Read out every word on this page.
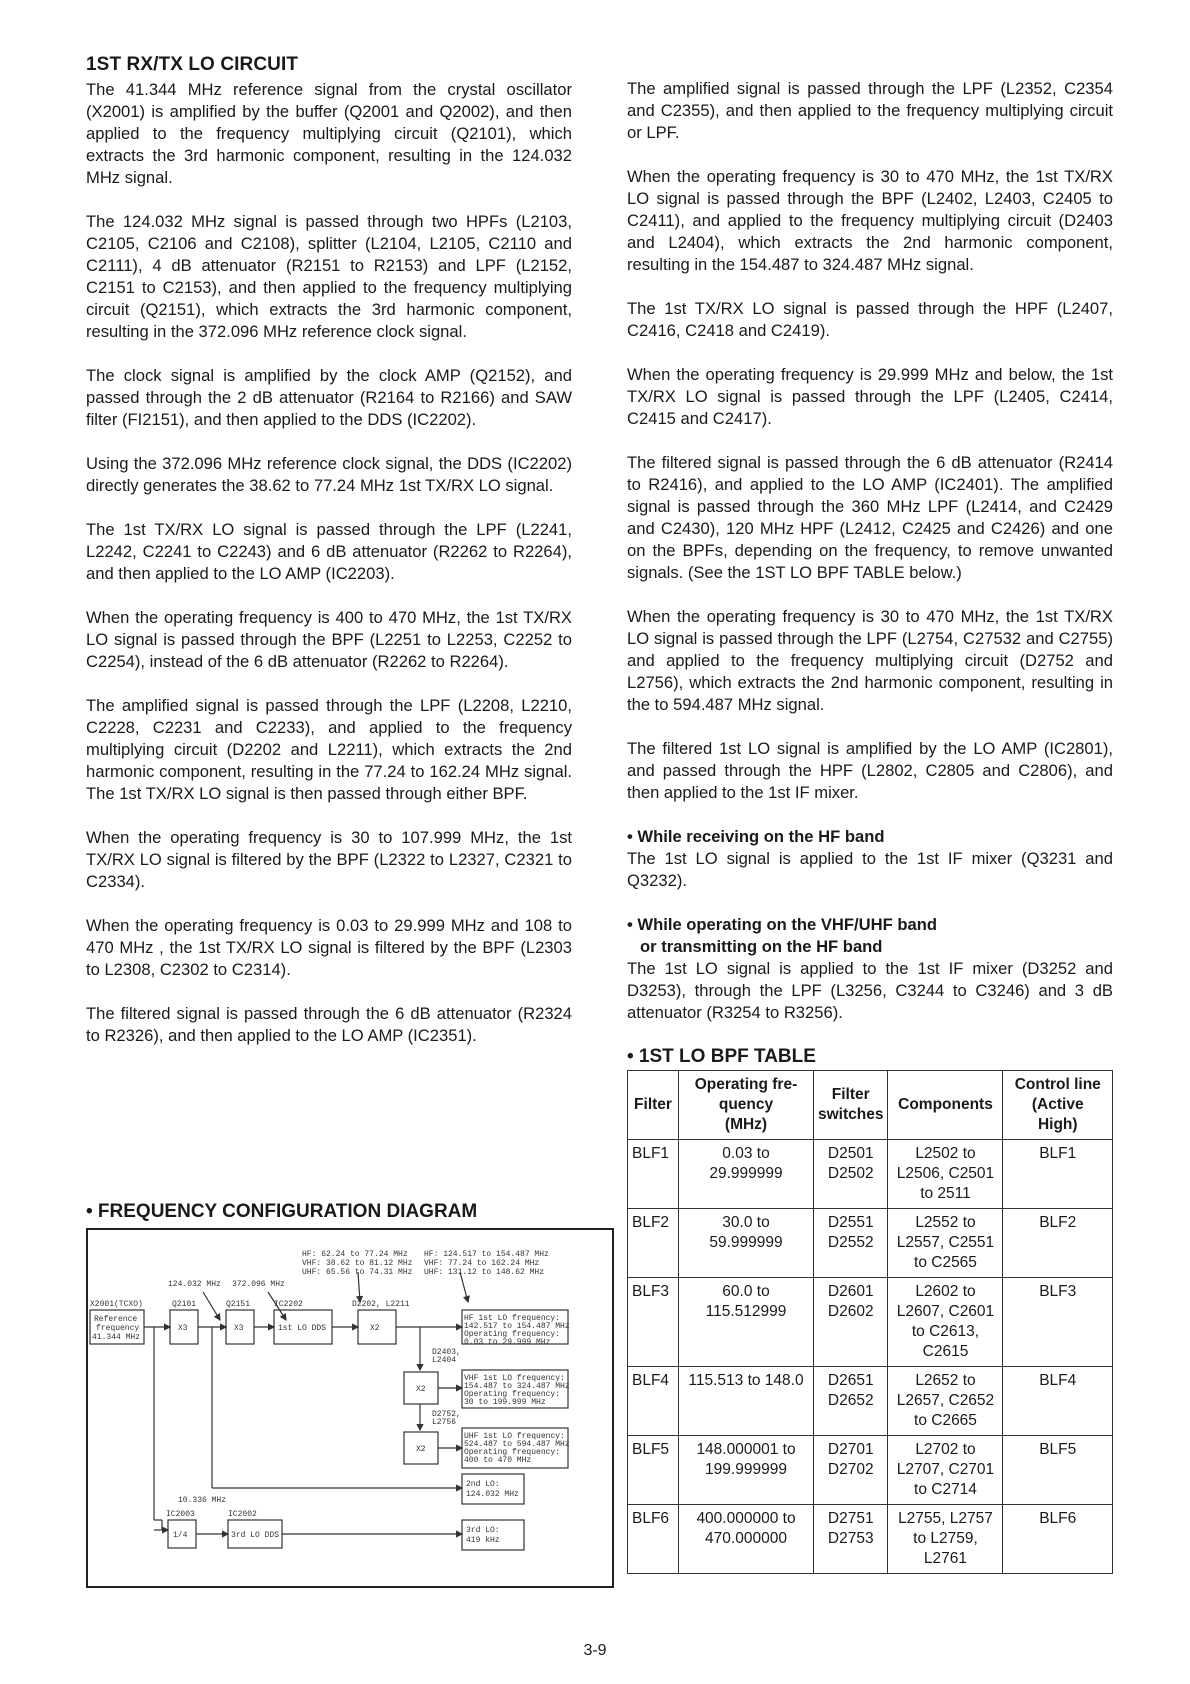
1ST RX/TX LO CIRCUIT

The 41.344 MHz reference signal from the crystal oscillator (X2001) is amplified by the buffer (Q2001 and Q2002), and then applied to the frequency multiplying circuit (Q2101), which extracts the 3rd harmonic component, resulting in the 124.032 MHz signal.

The 124.032 MHz signal is passed through two HPFs (L2103, C2105, C2106 and C2108), splitter (L2104, L2105, C2110 and C2111), 4 dB attenuator (R2151 to R2153) and LPF (L2152, C2151 to C2153), and then applied to the frequency multiplying circuit (Q2151), which extracts the 3rd harmonic component, resulting in the 372.096 MHz reference clock signal.

The clock signal is amplified by the clock AMP (Q2152), and passed through the 2 dB attenuator (R2164 to R2166) and SAW filter (FI2151), and then applied to the DDS (IC2202).

Using the 372.096 MHz reference clock signal, the DDS (IC2202) directly generates the 38.62 to 77.24 MHz 1st TX/RX LO signal.

The 1st TX/RX LO signal is passed through the LPF (L2241, L2242, C2241 to C2243) and 6 dB attenuator (R2262 to R2264), and then applied to the LO AMP (IC2203).

When the operating frequency is 400 to 470 MHz, the 1st TX/RX LO signal is passed through the BPF (L2251 to L2253, C2252 to C2254), instead of the 6 dB attenuator (R2262 to R2264).

The amplified signal is passed through the LPF (L2208, L2210, C2228, C2231 and C2233), and applied to the frequency multiplying circuit (D2202 and L2211), which extracts the 2nd harmonic component, resulting in the 77.24 to 162.24 MHz signal. The 1st TX/RX LO signal is then passed through either BPF.

When the operating frequency is 30 to 107.999 MHz, the 1st TX/RX LO signal is filtered by the BPF (L2322 to L2327, C2321 to C2334).

When the operating frequency is 0.03 to 29.999 MHz and 108 to 470 MHz , the 1st TX/RX LO signal is filtered by the BPF (L2303 to L2308, C2302 to C2314).

The filtered signal is passed through the 6 dB attenuator (R2324 to R2326), and then applied to the LO AMP (IC2351).

• FREQUENCY CONFIGURATION DIAGRAM
HF: 62.24 to 77.24 MHz
VHF: 38.62 to 81.12 MHz
UHF: 65.56 to 74.31 MHz
HF: 124.517 to 154.487 MHz
VHF: 77.24 to 162.24 MHz
UHF: 131.12 to 148.62 MHz
124.032 MHz 372.096 MHz
X2001(TCXO)	Q2101	Q2151	IC2202	D2202, L2211
Reference
frequency
41.344 MHz
X3	X3	1st LO DDS	X2
HF 1st LO frequency:
142.517 to 154.487 MHz
Operating frequency:
0.03 to 29.999 MHz
D2403,
L2404
X2
VHF 1st LO frequency:
154.487 to 324.487 MHz
Operating frequency:
30 to 199.999 MHz
D2752,
L2756
X2
UHF 1st LO frequency:
524.487 to 594.487 MHz
Operating frequency:
400 to 470 MHz
2nd LO:
124.032 MHz
10.336 MHz
IC2003	IC2002
1/4	3rd LO DDS
3rd LO:
419 kHz

The amplified signal is passed through the LPF (L2352, C2354 and C2355), and then applied to the frequency multiplying circuit or LPF.

When the operating frequency is 30 to 470 MHz, the 1st TX/RX LO signal is passed through the BPF (L2402, L2403, C2405 to C2411), and applied to the frequency multiplying circuit (D2403 and L2404), which extracts the 2nd harmonic component, resulting in the 154.487 to 324.487 MHz signal.

The 1st TX/RX LO signal is passed through the HPF (L2407, C2416, C2418 and C2419).

When the operating frequency is 29.999 MHz and below, the 1st TX/RX LO signal is passed through the LPF (L2405, C2414, C2415 and C2417).

The filtered signal is passed through the 6 dB attenuator (R2414 to R2416), and applied to the LO AMP (IC2401). The amplified signal is passed through the 360 MHz LPF (L2414, and C2429 and C2430), 120 MHz HPF (L2412, C2425 and C2426) and one on the BPFs, depending on the frequency, to remove unwanted signals. (See the 1ST LO BPF TABLE below.)

When the operating frequency is 30 to 470 MHz, the 1st TX/RX LO signal is passed through the LPF (L2754, C27532 and C2755) and applied to the frequency multiplying circuit (D2752 and L2756), which extracts the 2nd harmonic component, resulting in the to 594.487 MHz signal.

The filtered 1st LO signal is amplified by the LO AMP (IC2801), and passed through the HPF (L2802, C2805 and C2806), and then applied to the 1st IF mixer.

• While receiving on the HF band

The 1st LO signal is applied to the 1st IF mixer (Q3231 and Q3232).

• While operating on the VHF/UHF band
or transmitting on the HF band

The 1st LO signal is applied to the 1st IF mixer (D3252 and D3253), through the LPF (L3256, C3244 to C3246) and 3 dB attenuator (R3254 to R3256).

• 1ST LO BPF TABLE
Filter	Operating fre-
quency
(MHz)	Filter
switches	Components	Control line
(Active
High)
BLF1	0.03 to
29.999999	D2501
D2502	L2502 to
L2506, C2501
to 2511	BLF1
BLF2	30.0 to
59.999999	D2551
D2552	L2552 to
L2557, C2551
to C2565	BLF2
BLF3	60.0 to
115.512999	D2601
D2602	L2602 to
L2607, C2601
to C2613,
C2615	BLF3
BLF4	115.513 to 148.0	D2651
D2652	L2652 to
L2657, C2652
to C2665	BLF4
BLF5	148.000001 to
199.999999	D2701
D2702	L2702 to
L2707, C2701
to C2714	BLF5
BLF6	400.000000 to
470.000000	D2751
D2753	L2755, L2757
to L2759,
L2761	BLF6
3-9
